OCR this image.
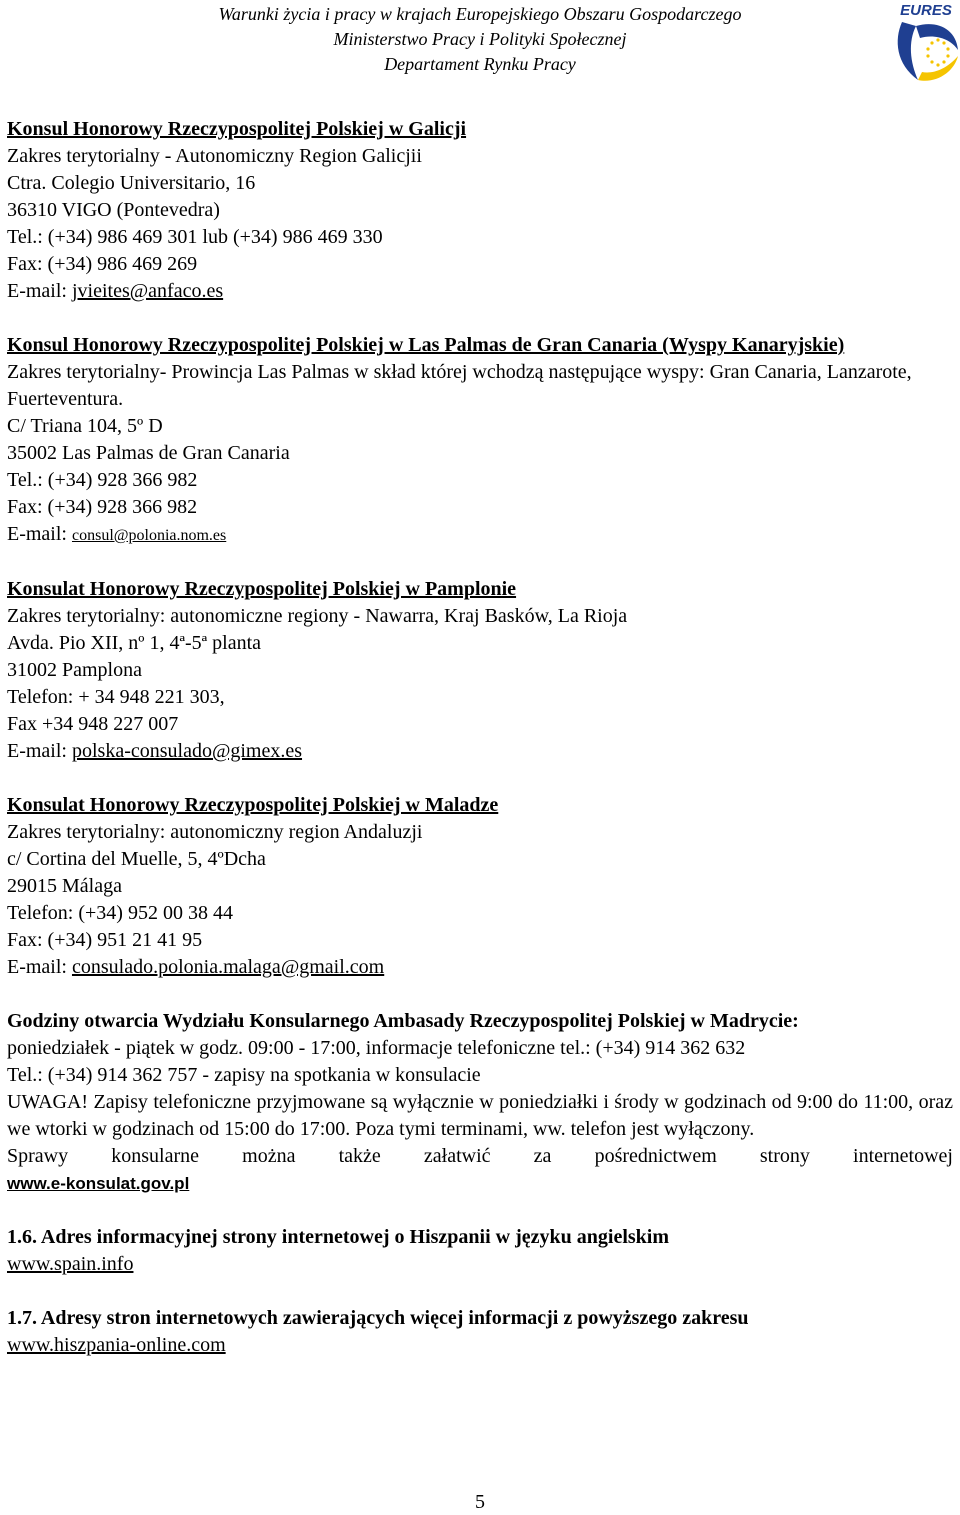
Warunki życia i pracy w krajach Europejskiego Obszaru Gospodarczego
Ministerstwo Pracy i Polityki Społecznej
Departament Rynku Pracy
EURES

Konsul Honorowy Rzeczypospolitej Polskiej w Galicji

Zakres terytorialny - Autonomiczny Region Galicjii

Ctra. Colegio Universitario, 16

36310 VIGO (Pontevedra)

Tel.: (+34) 986 469 301 lub (+34) 986 469 330

Fax: (+34) 986 469 269

E-mail: jvieites@anfaco.es

Konsul Honorowy Rzeczypospolitej Polskiej w Las Palmas de Gran Canaria (Wyspy Kanaryjskie)

Zakres terytorialny- Prowincja Las Palmas w skład której wchodzą następujące wyspy: Gran Canaria, Lanzarote, Fuerteventura.

C/ Triana 104, 5º D

35002 Las Palmas de Gran Canaria

Tel.: (+34) 928 366 982

Fax: (+34) 928 366 982

E-mail: consul@polonia.nom.es

Konsulat Honorowy Rzeczypospolitej Polskiej w Pamplonie

Zakres terytorialny: autonomiczne regiony - Nawarra, Kraj Basków, La Rioja

Avda. Pio XII, nº 1, 4ª-5ª planta

31002 Pamplona

Telefon: + 34 948 221 303,

Fax +34 948 227 007

E-mail: polska-consulado@gimex.es

Konsulat Honorowy Rzeczypospolitej Polskiej w Maladze

Zakres terytorialny: autonomiczny region Andaluzji

c/ Cortina del Muelle, 5, 4ºDcha

29015 Málaga

Telefon: (+34) 952 00 38 44

Fax: (+34) 951 21 41 95

E-mail: consulado.polonia.malaga@gmail.com

Godziny otwarcia Wydziału Konsularnego Ambasady Rzeczypospolitej Polskiej w Madrycie:

poniedziałek - piątek w godz. 09:00 - 17:00, informacje telefoniczne tel.: (+34) 914 362 632

Tel.: (+34) 914 362 757 - zapisy na spotkania w konsulacie

UWAGA! Zapisy telefoniczne przyjmowane są wyłącznie w poniedziałki i środy w godzinach od 9:00 do 11:00, oraz we wtorki w godzinach od 15:00 do 17:00. Poza tymi terminami, ww. telefon jest wyłączony.

Sprawy konsularne można także załatwić za pośrednictwem strony internetowej

www.e-konsulat.gov.pl

1.6. Adres informacyjnej strony internetowej o Hiszpanii w języku angielskim

www.spain.info

1.7. Adresy stron internetowych zawierających więcej informacji z powyższego zakresu

www.hiszpania-online.com

5
